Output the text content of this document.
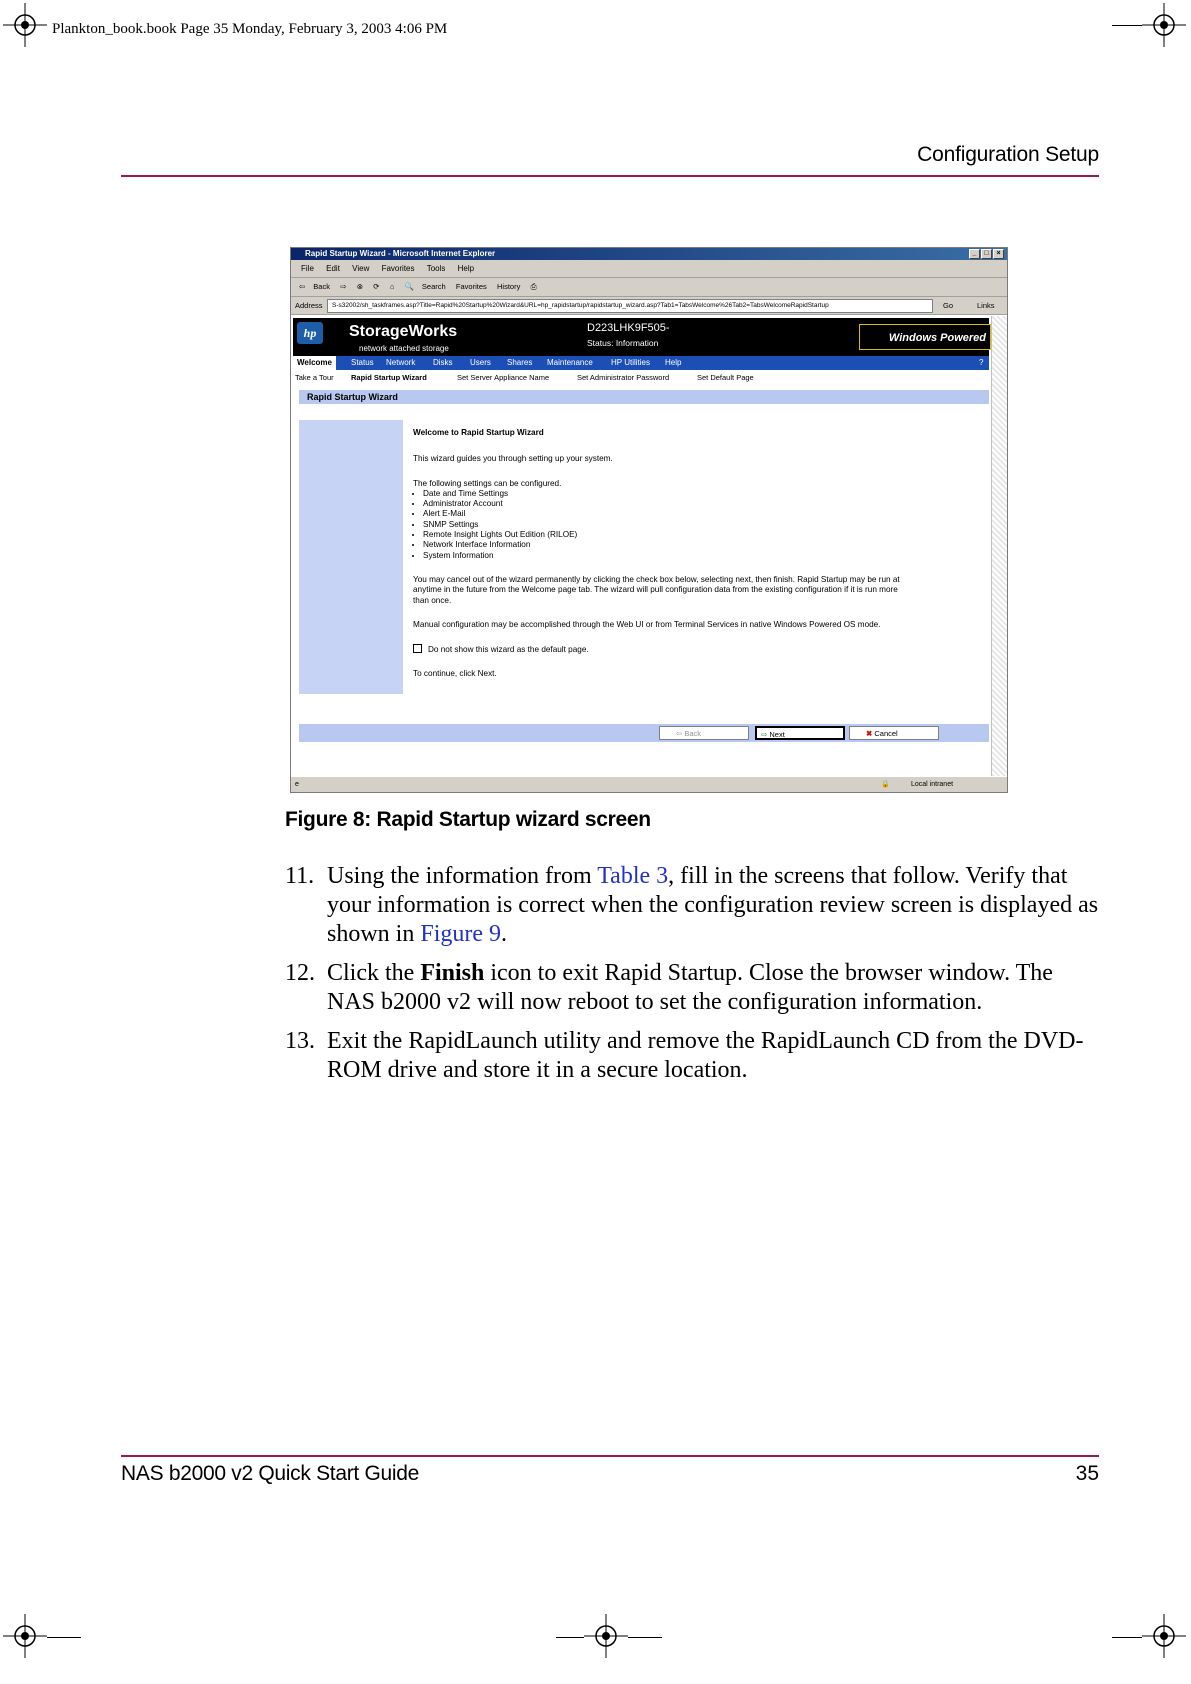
Plankton_book.book Page 35 Monday, February 3, 2003 4:06 PM
Configuration Setup
Rapid Startup Wizard - Microsoft Internet Explorer	_	□	×
File Edit View Favorites Tools Help
⇦ Back ⇨ ⊗ ⟳ ⌂ 🔍 Search Favorites History ⎙
Address	S-s32002/sh_taskframes.asp?Title=Rapid%20Startup%20Wizard&URL=hp_rapidstartup/rapidstartup_wizard.asp?Tab1=TabsWelcome%26Tab2=TabsWelcomeRapidStartup	Go	Links
hp	StorageWorks
network attached storage
D223LHK9F505-
Status: Information	Windows Powered
Welcome	Status Network Disks Users Shares Maintenance HP Utilities Help	?
Take a Tour Rapid Startup Wizard	Set Server Appliance Name	Set Administrator Password	Set Default Page
Rapid Startup Wizard
Welcome to Rapid Startup Wizard
This wizard guides you through setting up your system.
The following settings can be configured.
• Date and Time Settings
• Administrator Account
• Alert E-Mail
• SNMP Settings
• Remote Insight Lights Out Edition (RILOE)
• Network Interface Information
• System Information
You may cancel out of the wizard permanently by clicking the check box below, selecting next, then finish. Rapid Startup may be run at anytime in the future from the Welcome page tab. The wizard will pull configuration data from the existing configuration if it is run more than once.
Manual configuration may be accomplished through the Web UI or from Terminal Services in native Windows Powered OS mode.
Do not show this wizard as the default page.
To continue, click Next.
⇦ Back	⇨ Next	✖ Cancel
e	🔒	Local intranet
Figure 8: Rapid Startup wizard screen
11. Using the information from Table 3, fill in the screens that follow. Verify that your information is correct when the configuration review screen is displayed as shown in Figure 9.
12. Click the Finish icon to exit Rapid Startup. Close the browser window. The NAS b2000 v2 will now reboot to set the configuration information.
13. Exit the RapidLaunch utility and remove the RapidLaunch CD from the DVD-ROM drive and store it in a secure location.
NAS b2000 v2 Quick Start Guide	35
